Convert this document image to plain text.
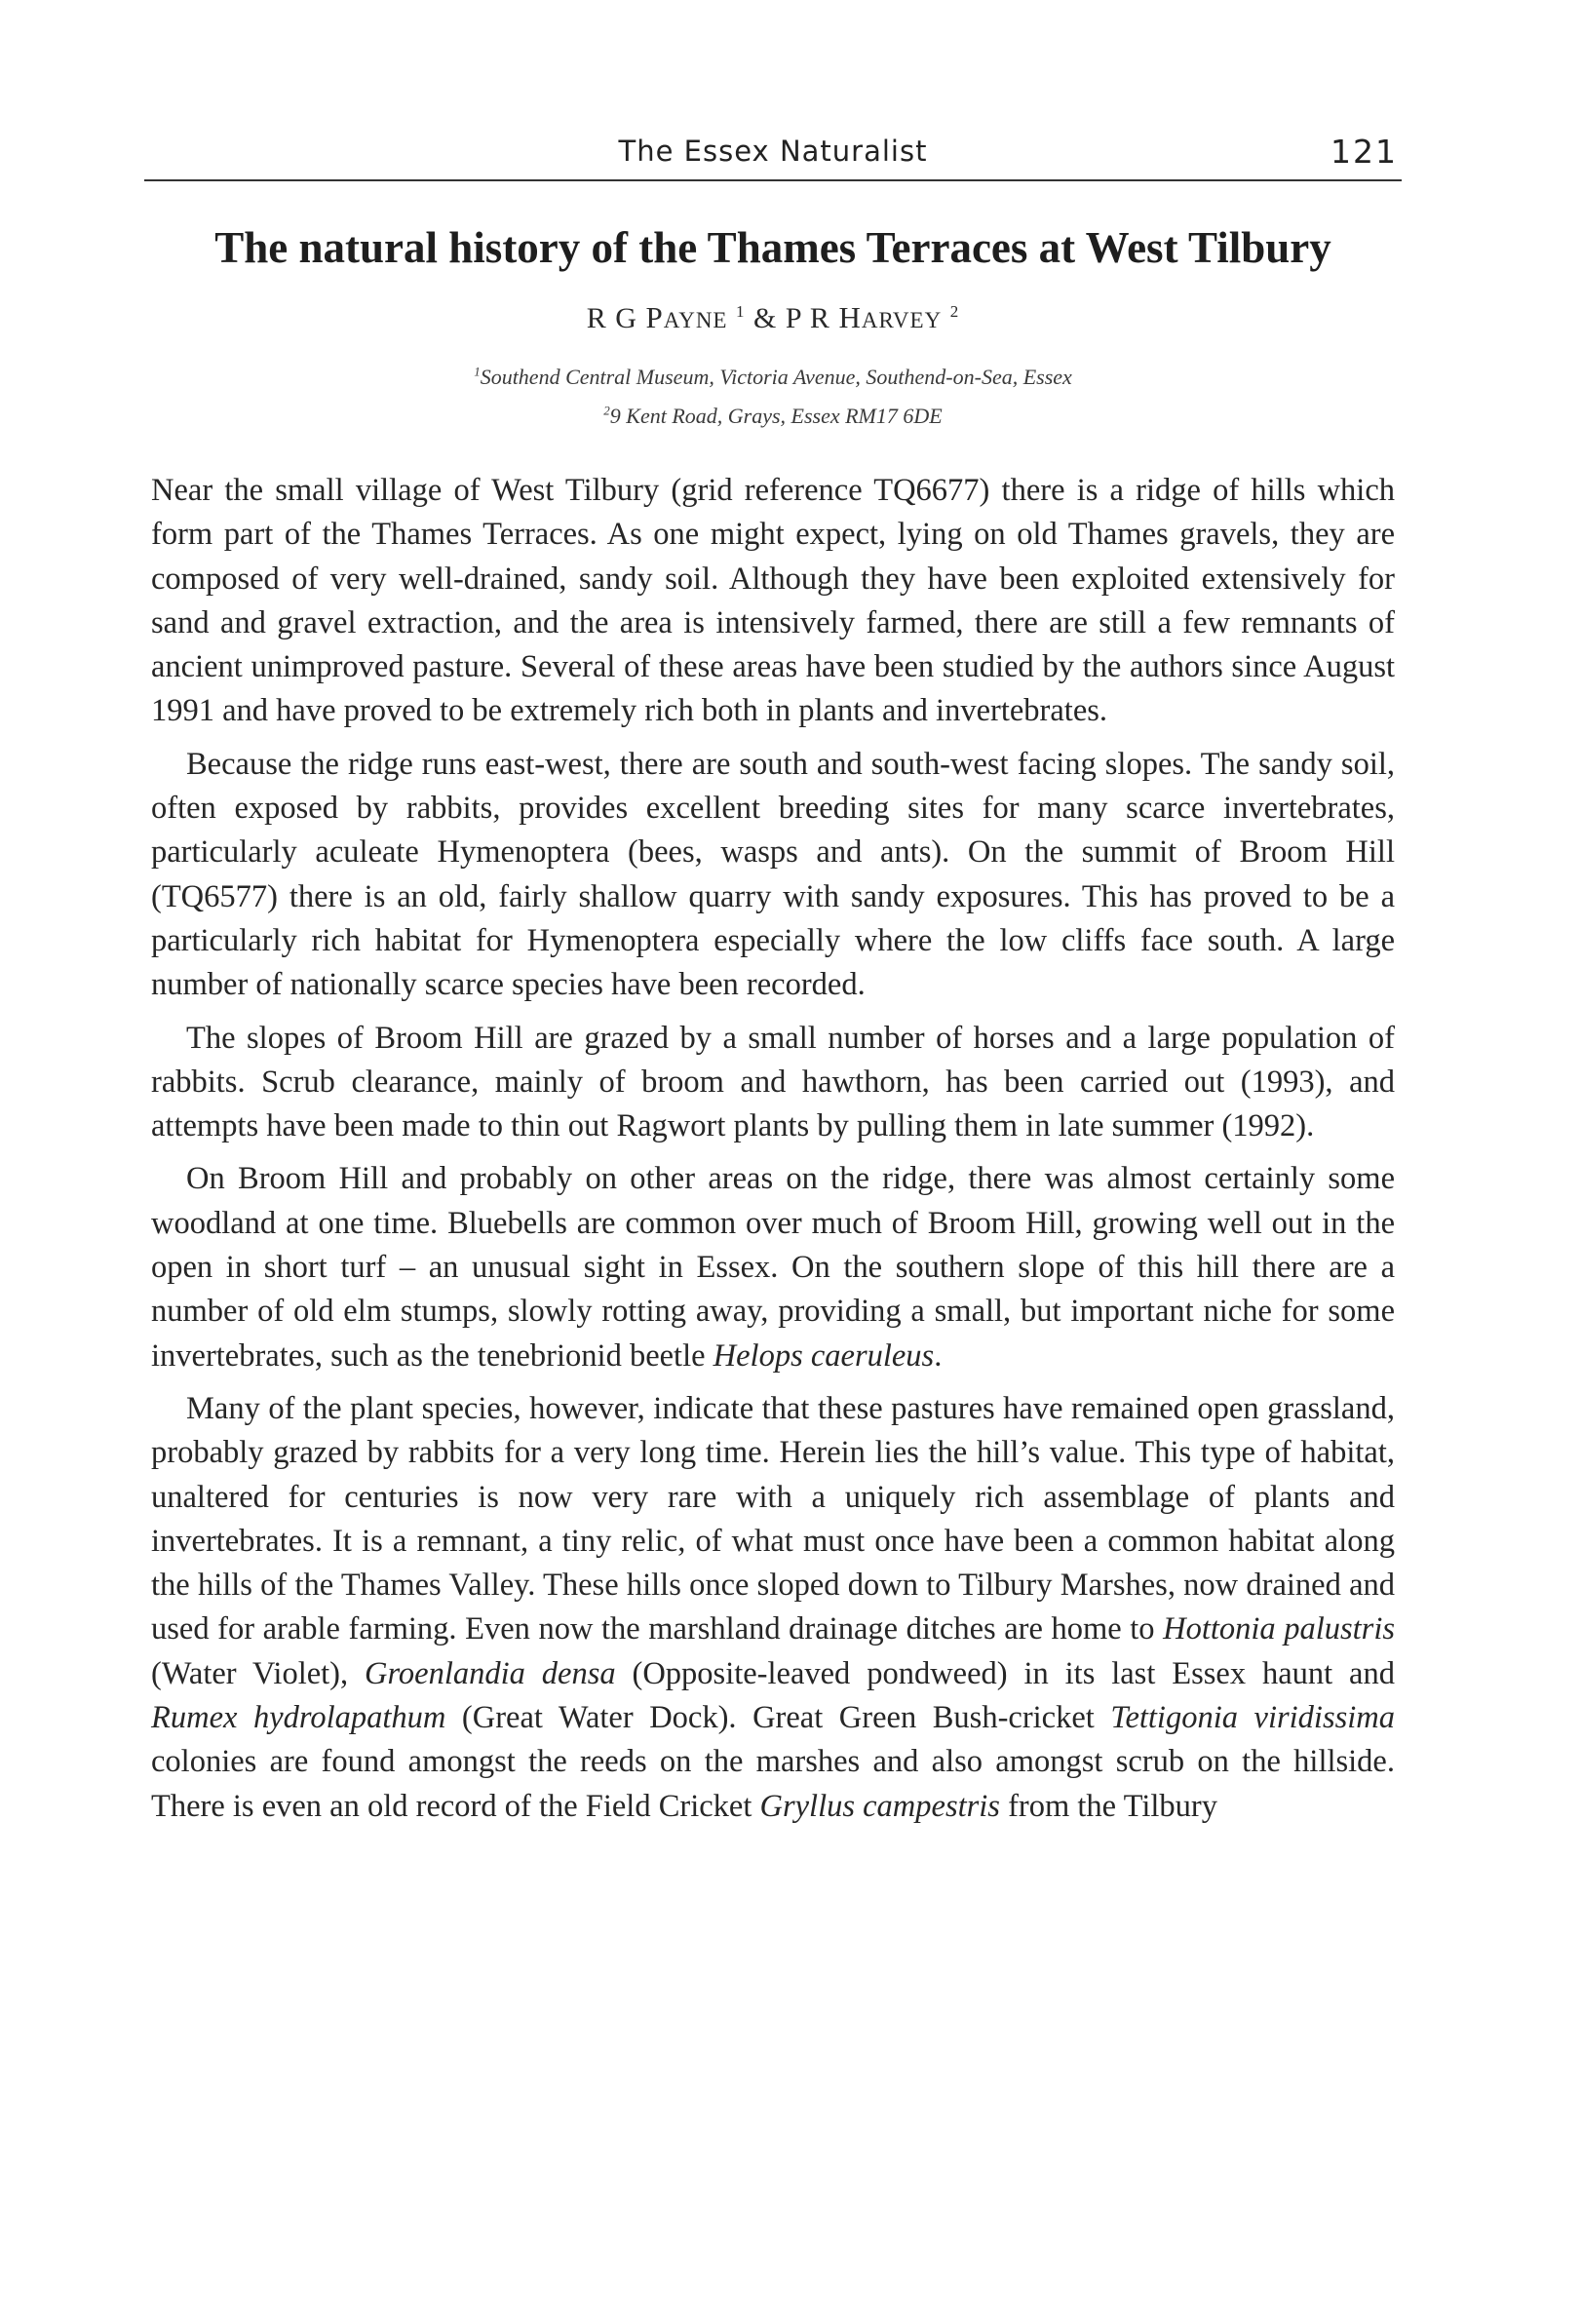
The Essex Naturalist	121
The natural history of the Thames Terraces at West Tilbury
R G PAYNE $^1$ & P R HARVEY $^2$
$^1$Southend Central Museum, Victoria Avenue, Southend-on-Sea, Essex
$^2$9 Kent Road, Grays, Essex RM17 6DE

Near the small village of West Tilbury (grid reference TQ6677) there is a ridge of hills which form part of the Thames Terraces. As one might expect, lying on old Thames gravels, they are composed of very well-drained, sandy soil. Although they have been exploited extensively for sand and gravel extraction, and the area is intensively farmed, there are still a few remnants of ancient unimproved pasture. Several of these areas have been studied by the authors since August 1991 and have proved to be extremely rich both in plants and invertebrates.

Because the ridge runs east-west, there are south and south-west facing slopes. The sandy soil, often exposed by rabbits, provides excellent breeding sites for many scarce invertebrates, particularly aculeate Hymenoptera (bees, wasps and ants). On the summit of Broom Hill (TQ6577) there is an old, fairly shallow quarry with sandy exposures. This has proved to be a particularly rich habitat for Hymenoptera especially where the low cliffs face south. A large number of nationally scarce species have been recorded.

The slopes of Broom Hill are grazed by a small number of horses and a large population of rabbits. Scrub clearance, mainly of broom and hawthorn, has been carried out (1993), and attempts have been made to thin out Ragwort plants by pulling them in late summer (1992).

On Broom Hill and probably on other areas on the ridge, there was almost certainly some woodland at one time. Bluebells are common over much of Broom Hill, growing well out in the open in short turf – an unusual sight in Essex. On the southern slope of this hill there are a number of old elm stumps, slowly rotting away, providing a small, but important niche for some invertebrates, such as the tenebrionid beetle Helops caeruleus.

Many of the plant species, however, indicate that these pastures have remained open grassland, probably grazed by rabbits for a very long time. Herein lies the hill’s value. This type of habitat, unaltered for centuries is now very rare with a uniquely rich assemblage of plants and invertebrates. It is a remnant, a tiny relic, of what must once have been a common habitat along the hills of the Thames Valley. These hills once sloped down to Tilbury Marshes, now drained and used for arable farming. Even now the marshland drainage ditches are home to Hottonia palustris (Water Violet), Groenlandia densa (Opposite-leaved pondweed) in its last Essex haunt and Rumex hydrolapathum (Great Water Dock). Great Green Bush-cricket Tettigonia viridissima colonies are found amongst the reeds on the marshes and also amongst scrub on the hillside. There is even an old record of the Field Cricket Gryllus campestris from the Tilbury
